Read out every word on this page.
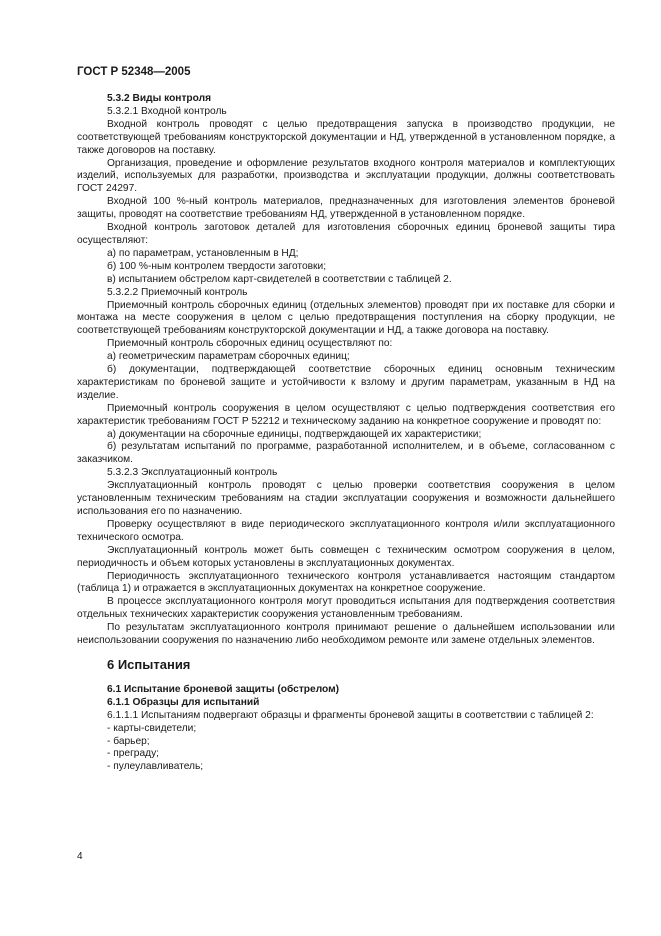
ГОСТ Р 52348—2005

5.3.2 Виды контроля

5.3.2.1 Входной контроль

Входной контроль проводят с целью предотвращения запуска в производство продукции, не соответствующей требованиям конструкторской документации и НД, утвержденной в установленном порядке, а также договоров на поставку.

Организация, проведение и оформление результатов входного контроля материалов и комплектующих изделий, используемых для разработки, производства и эксплуатации продукции, должны соответствовать ГОСТ 24297.

Входной 100 %-ный контроль материалов, предназначенных для изготовления элементов броневой защиты, проводят на соответствие требованиям НД, утвержденной в установленном порядке.

Входной контроль заготовок деталей для изготовления сборочных единиц броневой защиты тира осуществляют:

а) по параметрам, установленным в НД;

б) 100 %-ным контролем твердости заготовки;

в) испытанием обстрелом карт-свидетелей в соответствии с таблицей 2.

5.3.2.2 Приемочный контроль

Приемочный контроль сборочных единиц (отдельных элементов) проводят при их поставке для сборки и монтажа на месте сооружения в целом с целью предотвращения поступления на сборку продукции, не соответствующей требованиям конструкторской документации и НД, а также договора на поставку.

Приемочный контроль сборочных единиц осуществляют по:

а) геометрическим параметрам сборочных единиц;

б) документации, подтверждающей соответствие сборочных единиц основным техническим характеристикам по броневой защите и устойчивости к взлому и другим параметрам, указанным в НД на изделие.

Приемочный контроль сооружения в целом осуществляют с целью подтверждения соответствия его характеристик требованиям ГОСТ Р 52212 и техническому заданию на конкретное сооружение и проводят по:

а) документации на сборочные единицы, подтверждающей их характеристики;

б) результатам испытаний по программе, разработанной исполнителем, и в объеме, согласованном с заказчиком.

5.3.2.3 Эксплуатационный контроль

Эксплуатационный контроль проводят с целью проверки соответствия сооружения в целом установленным техническим требованиям на стадии эксплуатации сооружения и возможности дальнейшего использования его по назначению.

Проверку осуществляют в виде периодического эксплуатационного контроля и/или эксплуатационного технического осмотра.

Эксплуатационный контроль может быть совмещен с техническим осмотром сооружения в целом, периодичность и объем которых установлены в эксплуатационных документах.

Периодичность эксплуатационного технического контроля устанавливается настоящим стандартом (таблица 1) и отражается в эксплуатационных документах на конкретное сооружение.

В процессе эксплуатационного контроля могут проводиться испытания для подтверждения соответствия отдельных технических характеристик сооружения установленным требованиям.

По результатам эксплуатационного контроля принимают решение о дальнейшем использовании или неиспользовании сооружения по назначению либо необходимом ремонте или замене отдельных элементов.

6 Испытания

6.1 Испытание броневой защиты (обстрелом)

6.1.1 Образцы для испытаний

6.1.1.1 Испытаниям подвергают образцы и фрагменты броневой защиты в соответствии с таблицей 2:

- карты-свидетели;

- барьер;

- преграду;

- пулеулавливатель;

4
